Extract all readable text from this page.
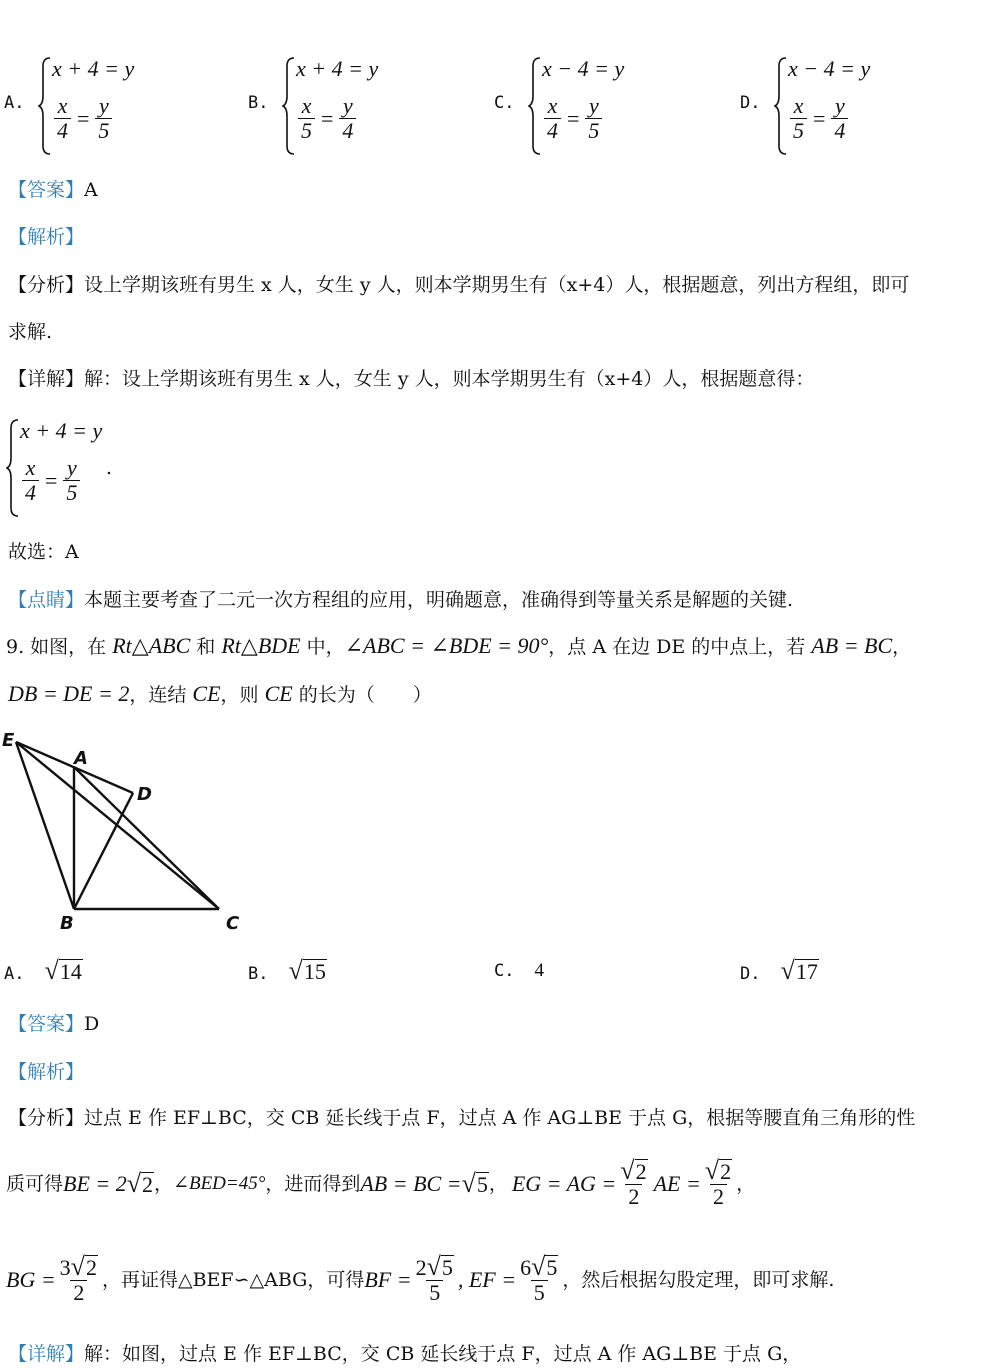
A.
x + 4 = y
$\frac{x}{4} = \frac{y}{5}$	B.
x + 4 = y
$\frac{x}{5} = \frac{y}{4}$	C.
x − 4 = y
$\frac{x}{4} = \frac{y}{5}$	D.
x − 4 = y
$\frac{x}{5} = \frac{y}{4}$
【答案】A
【解析】
【分析】设上学期该班有男生 x 人，女生 y 人，则本学期男生有（x+4）人，根据题意，列出方程组，即可
求解.
【详解】解：设上学期该班有男生 x 人，女生 y 人，则本学期男生有（x+4）人，根据题意得：
x + 4 = y
$\frac{x}{4} = \frac{y}{5}$ .
故选：A
【点睛】本题主要考查了二元一次方程组的应用，明确题意，准确得到等量关系是解题的关键.
9. 如图，在 Rt△ABC 和 Rt△BDE 中，∠ABC = ∠BDE = 90°，点 A 在边 DE 的中点上，若 AB = BC，
DB = DE = 2，连结 CE，则 CE 的长为（　　）
E
A
D
B	C
A. √ 14	B. √ 15	C. 4	D. √ 17
【答案】D
【解析】
【分析】过点 E 作 EF⊥BC，交 CB 延长线于点 F，过点 A 作 AG⊥BE 于点 G，根据等腰直角三角形的性
质可得 BE = 2 √ 2 ， ∠BED=45° ，进而得到 AB = BC = √ 5 ， EG = AG = $\frac{√ 2}{2}$ AE = $\frac{√ 2}{2}$ ，
BG = $\frac{3 √ 2}{2}$ ，再证得△BEF∽△ABG，可得 BF = $\frac{2 √ 5}{5}$ , EF = $\frac{6 √ 5}{5}$ ，然后根据勾股定理，即可求解.
【详解】解：如图，过点 E 作 EF⊥BC，交 CB 延长线于点 F，过点 A 作 AG⊥BE 于点 G，
